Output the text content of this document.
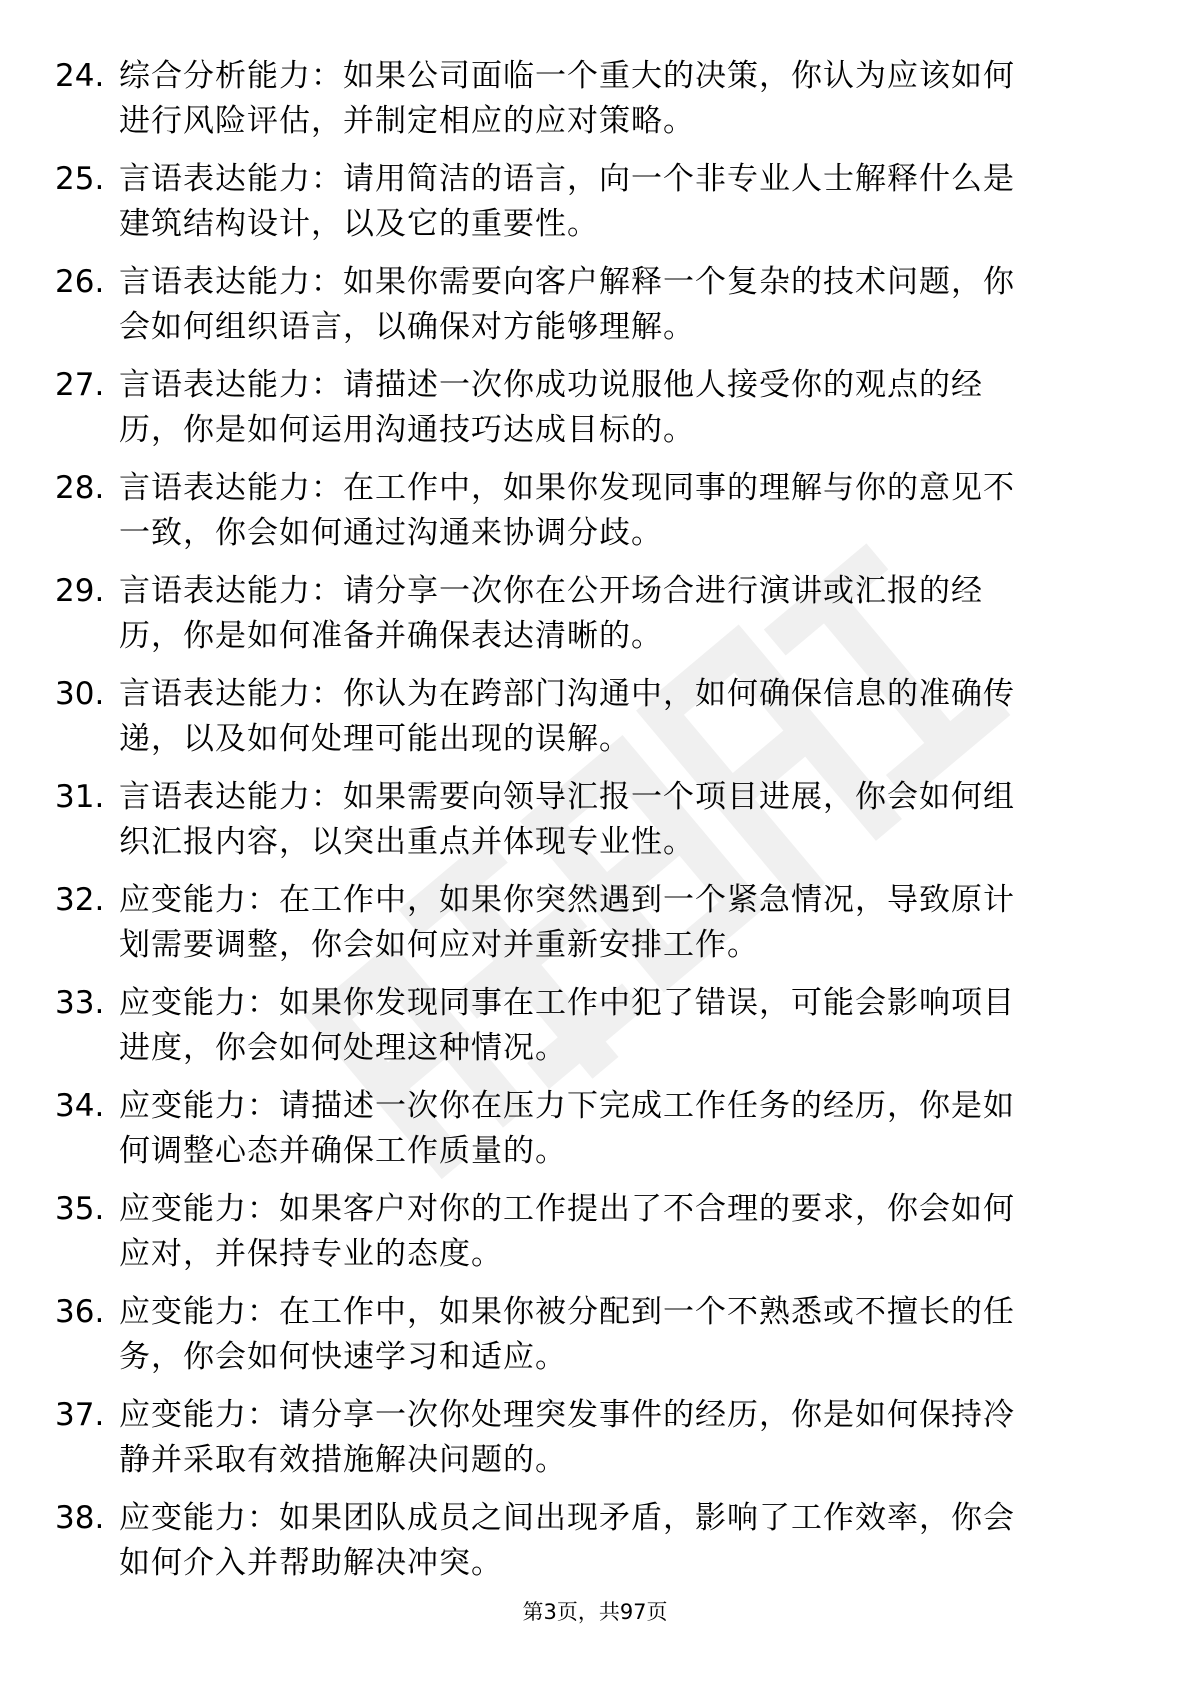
24. 综合分析能力：如果公司面临一个重大的决策，你认为应该如何进行风险评估，并制定相应的应对策略。
25. 言语表达能力：请用简洁的语言，向一个非专业人士解释什么是建筑结构设计，以及它的重要性。
26. 言语表达能力：如果你需要向客户解释一个复杂的技术问题，你会如何组织语言，以确保对方能够理解。
27. 言语表达能力：请描述一次你成功说服他人接受你的观点的经历，你是如何运用沟通技巧达成目标的。
28. 言语表达能力：在工作中，如果你发现同事的理解与你的意见不一致，你会如何通过沟通来协调分歧。
29. 言语表达能力：请分享一次你在公开场合进行演讲或汇报的经历，你是如何准备并确保表达清晰的。
30. 言语表达能力：你认为在跨部门沟通中，如何确保信息的准确传递，以及如何处理可能出现的误解。
31. 言语表达能力：如果需要向领导汇报一个项目进展，你会如何组织汇报内容，以突出重点并体现专业性。
32. 应变能力：在工作中，如果你突然遇到一个紧急情况，导致原计划需要调整，你会如何应对并重新安排工作。
33. 应变能力：如果你发现同事在工作中犯了错误，可能会影响项目进度，你会如何处理这种情况。
34. 应变能力：请描述一次你在压力下完成工作任务的经历，你是如何调整心态并确保工作质量的。
35. 应变能力：如果客户对你的工作提出了不合理的要求，你会如何应对，并保持专业的态度。
36. 应变能力：在工作中，如果你被分配到一个不熟悉或不擅长的任务，你会如何快速学习和适应。
37. 应变能力：请分享一次你处理突发事件的经历，你是如何保持冷静并采取有效措施解决问题的。
38. 应变能力：如果团队成员之间出现矛盾，影响了工作效率，你会如何介入并帮助解决冲突。
第3页，共97页
